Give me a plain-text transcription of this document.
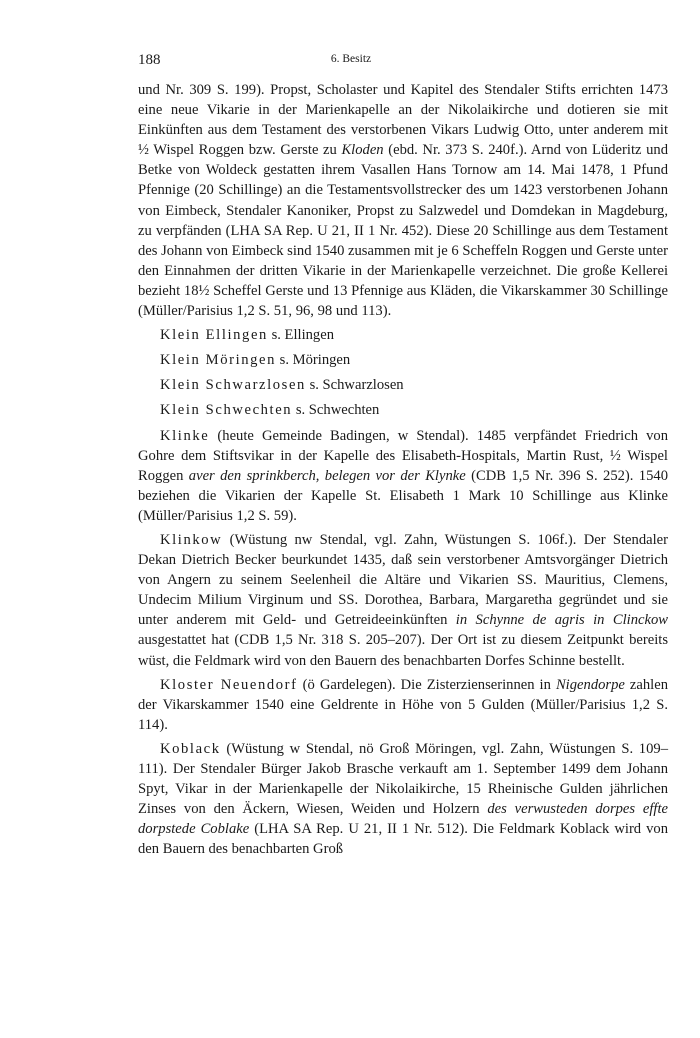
188	6. Besitz

und Nr. 309 S. 199). Propst, Scholaster und Kapitel des Stendaler Stifts errichten 1473 eine neue Vikarie in der Marienkapelle an der Nikolaikirche und dotieren sie mit Einkünften aus dem Testament des verstorbenen Vikars Ludwig Otto, unter anderem mit ½ Wispel Roggen bzw. Gerste zu Kloden (ebd. Nr. 373 S. 240f.). Arnd von Lüderitz und Betke von Woldeck gestatten ihrem Vasallen Hans Tornow am 14. Mai 1478, 1 Pfund Pfennige (20 Schillinge) an die Testamentsvollstrecker des um 1423 verstorbenen Johann von Eimbeck, Stendaler Kanoniker, Propst zu Salzwedel und Domdekan in Magdeburg, zu verpfänden (LHA SA Rep. U 21, II 1 Nr. 452). Diese 20 Schillinge aus dem Testament des Johann von Eimbeck sind 1540 zusammen mit je 6 Scheffeln Roggen und Gerste unter den Einnahmen der dritten Vikarie in der Marienkapelle verzeichnet. Die große Kellerei bezieht 18½ Scheffel Gerste und 13 Pfennige aus Kläden, die Vikarskammer 30 Schillinge (Müller/Parisius 1,2 S. 51, 96, 98 und 113).

Klein Ellingen s. Ellingen

Klein Möringen s. Möringen

Klein Schwarzlosen s. Schwarzlosen

Klein Schwechten s. Schwechten

Klinke (heute Gemeinde Badingen, w Stendal). 1485 verpfändet Friedrich von Gohre dem Stiftsvikar in der Kapelle des Elisabeth-Hospitals, Martin Rust, ½ Wispel Roggen aver den sprinkberch, belegen vor der Klynke (CDB 1,5 Nr. 396 S. 252). 1540 beziehen die Vikarien der Kapelle St. Elisabeth 1 Mark 10 Schillinge aus Klinke (Müller/Parisius 1,2 S. 59).

Klinkow (Wüstung nw Stendal, vgl. Zahn, Wüstungen S. 106f.). Der Stendaler Dekan Dietrich Becker beurkundet 1435, daß sein verstorbener Amtsvorgänger Dietrich von Angern zu seinem Seelenheil die Altäre und Vikarien SS. Mauritius, Clemens, Undecim Milium Virginum und SS. Dorothea, Barbara, Margaretha gegründet und sie unter anderem mit Geld- und Getreideeinkünften in Schynne de agris in Clinckow ausgestattet hat (CDB 1,5 Nr. 318 S. 205–207). Der Ort ist zu diesem Zeitpunkt bereits wüst, die Feldmark wird von den Bauern des benachbarten Dorfes Schinne bestellt.

Kloster Neuendorf (ö Gardelegen). Die Zisterzienserinnen in Nigendorpe zahlen der Vikarskammer 1540 eine Geldrente in Höhe von 5 Gulden (Müller/Parisius 1,2 S. 114).

Koblack (Wüstung w Stendal, nö Groß Möringen, vgl. Zahn, Wüstungen S. 109–111). Der Stendaler Bürger Jakob Brasche verkauft am 1. September 1499 dem Johann Spyt, Vikar in der Marienkapelle der Nikolaikirche, 15 Rheinische Gulden jährlichen Zinses von den Äckern, Wiesen, Weiden und Holzern des verwusteden dorpes effte dorpstede Coblake (LHA SA Rep. U 21, II 1 Nr. 512). Die Feldmark Koblack wird von den Bauern des benachbarten Groß
